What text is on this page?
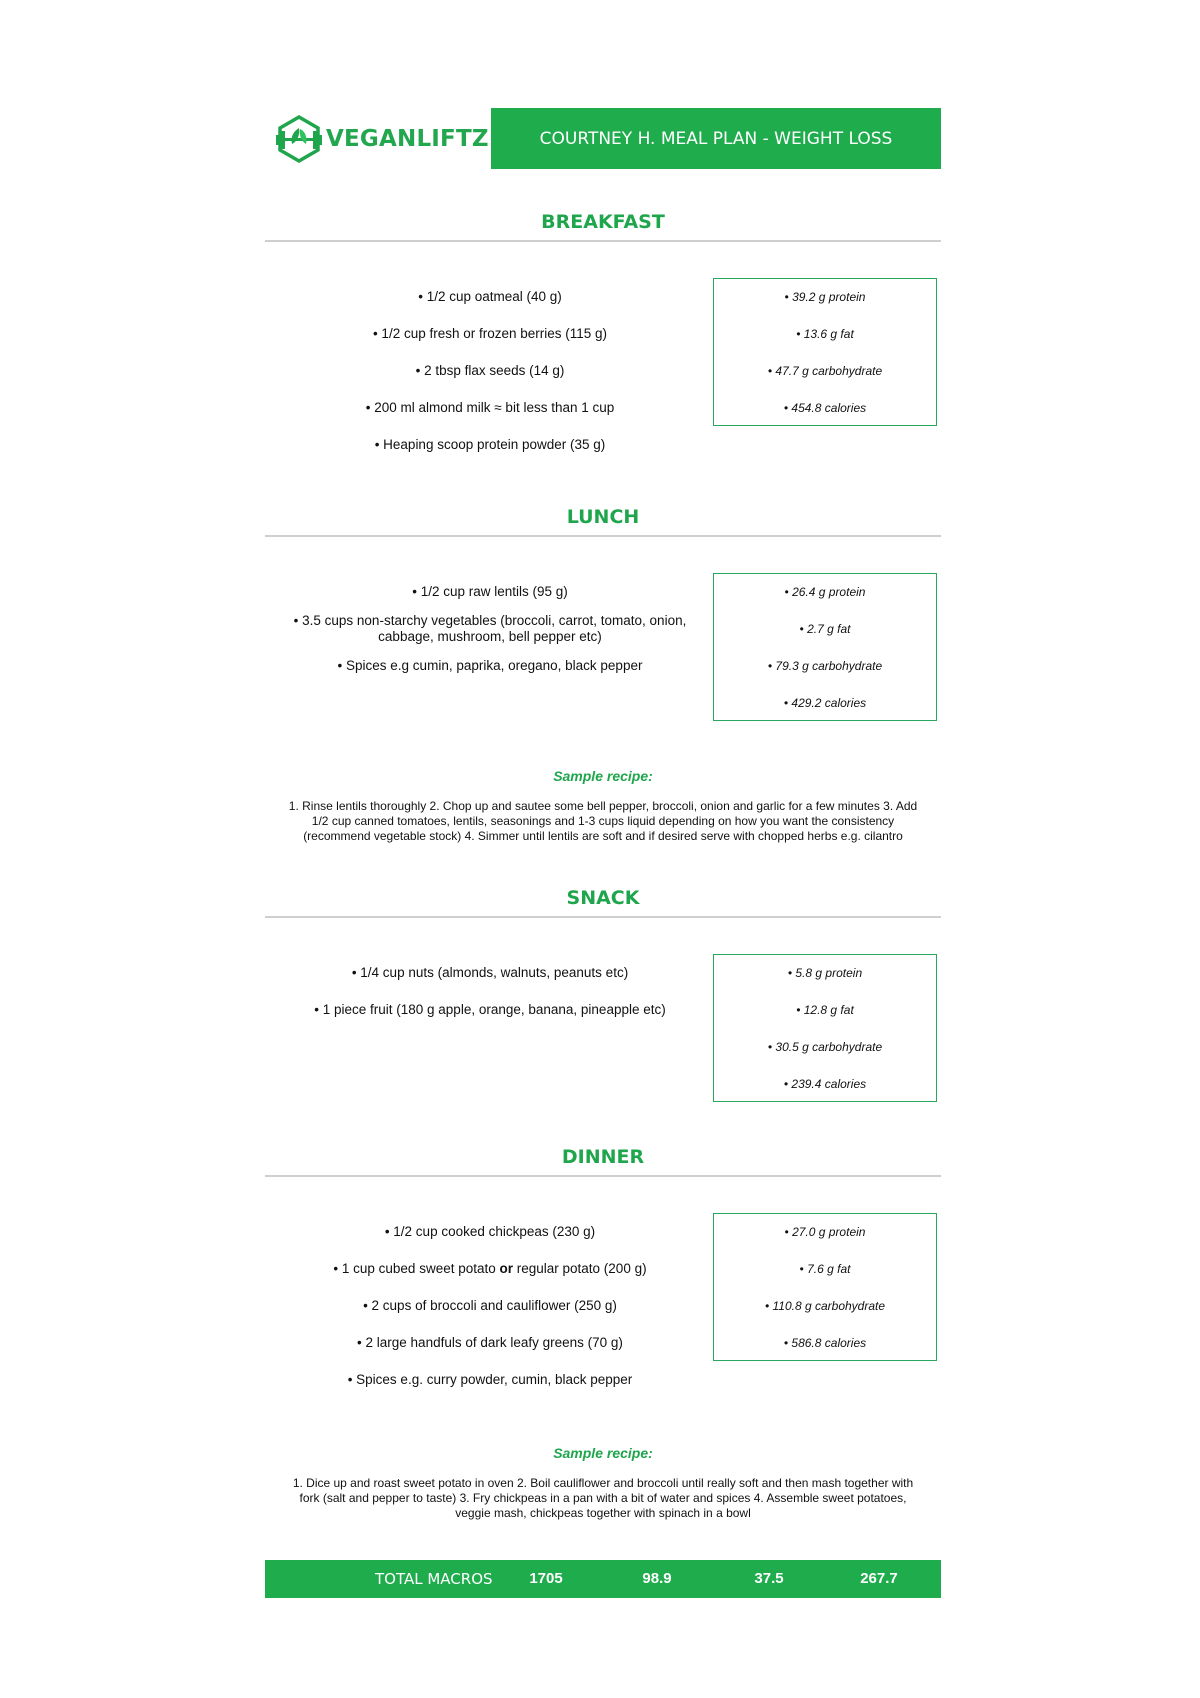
VEGANLIFTZ	COURTNEY H. MEAL PLAN - WEIGHT LOSS
BREAKFAST
• 1/2 cup oatmeal (40 g)
• 1/2 cup fresh or frozen berries (115 g)
• 2 tbsp flax seeds (14 g)
• 200 ml almond milk ≈ bit less than 1 cup
• Heaping scoop protein powder (35 g)
• 39.2 g protein
• 13.6 g fat
• 47.7 g carbohydrate
• 454.8 calories
LUNCH
• 1/2 cup raw lentils (95 g)
• 3.5 cups non-starchy vegetables (broccoli, carrot, tomato, onion,
cabbage, mushroom, bell pepper etc)
• Spices e.g cumin, paprika, oregano, black pepper
• 26.4 g protein
• 2.7 g fat
• 79.3 g carbohydrate
• 429.2 calories
Sample recipe:
1. Rinse lentils thoroughly 2. Chop up and sautee some bell pepper, broccoli, onion and garlic for a few minutes 3. Add
1/2 cup canned tomatoes, lentils, seasonings and 1-3 cups liquid depending on how you want the consistency
(recommend vegetable stock) 4. Simmer until lentils are soft and if desired serve with chopped herbs e.g. cilantro
SNACK
• 1/4 cup nuts (almonds, walnuts, peanuts etc)
• 1 piece fruit (180 g apple, orange, banana, pineapple etc)
• 5.8 g protein
• 12.8 g fat
• 30.5 g carbohydrate
• 239.4 calories
DINNER
• 1/2 cup cooked chickpeas (230 g)
• 1 cup cubed sweet potato or regular potato (200 g)
• 2 cups of broccoli and cauliflower (250 g)
• 2 large handfuls of dark leafy greens (70 g)
• Spices e.g. curry powder, cumin, black pepper
• 27.0 g protein
• 7.6 g fat
• 110.8 g carbohydrate
• 586.8 calories
Sample recipe:
1. Dice up and roast sweet potato in oven 2. Boil cauliflower and broccoli until really soft and then mash together with
fork (salt and pepper to taste) 3. Fry chickpeas in a pan with a bit of water and spices 4. Assemble sweet potatoes,
veggie mash, chickpeas together with spinach in a bowl
TOTAL MACROS	1705	98.9	37.5	267.7
